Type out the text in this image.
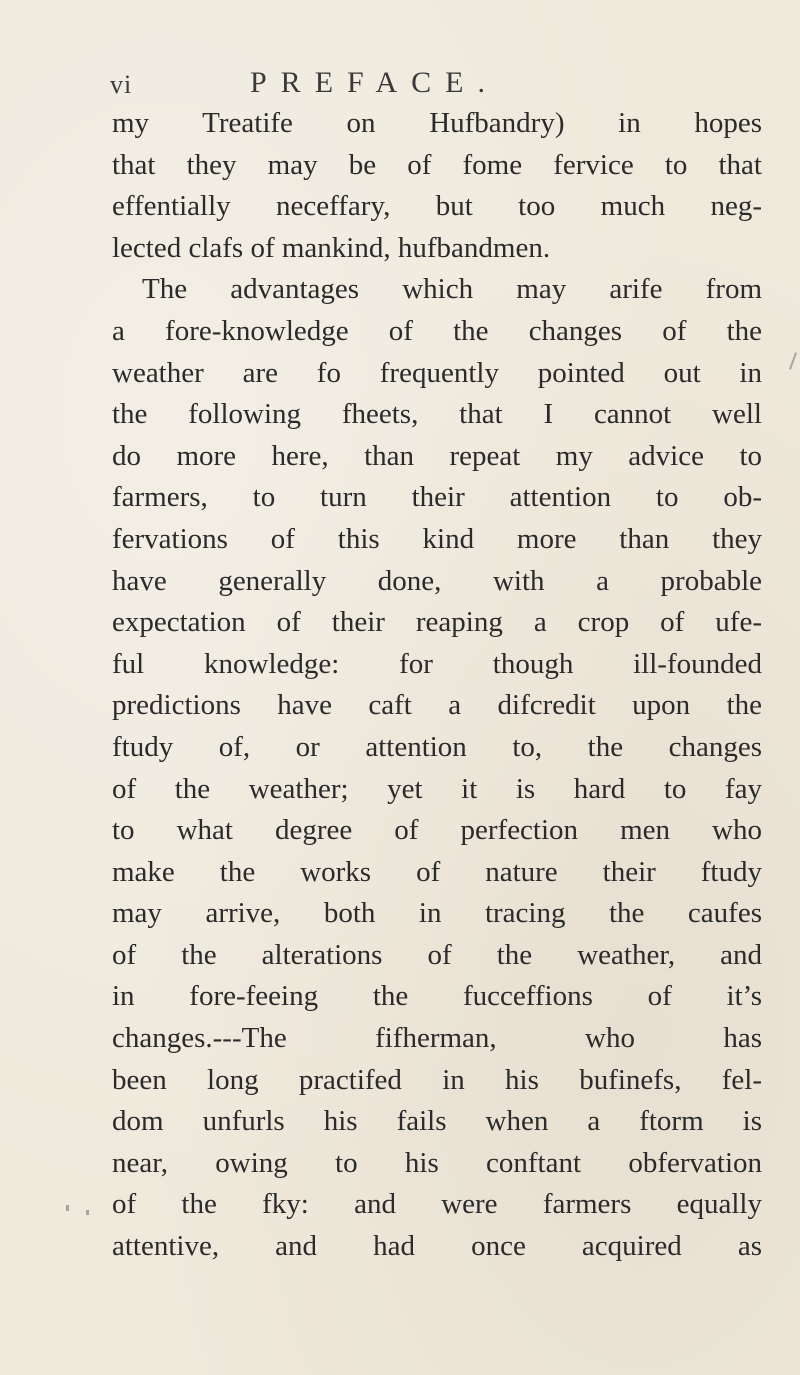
vi	PREFACE.
my Treatife on Hufbandry) in hopes
that they may be of fome fervice to that
effentially neceffary, but too much neg-
lected clafs of mankind, hufbandmen.
The advantages which may arife from
a fore-knowledge of the changes of the
weather are fo frequently pointed out in
the following fheets, that I cannot well
do more here, than repeat my advice to
farmers, to turn their attention to ob-
fervations of this kind more than they
have generally done, with a probable
expectation of their reaping a crop of ufe-
ful knowledge: for though ill-founded
predictions have caft a difcredit upon the
ftudy of, or attention to, the changes
of the weather; yet it is hard to fay
to what degree of perfection men who
make the works of nature their ftudy
may arrive, both in tracing the caufes
of the alterations of the weather, and
in fore-feeing the fucceffions of it’s
changes.---The fifherman, who has
been long practifed in his bufinefs, fel-
dom unfurls his fails when a ftorm is
near, owing to his conftant obfervation
of the fky: and were farmers equally
attentive, and had once acquired as
